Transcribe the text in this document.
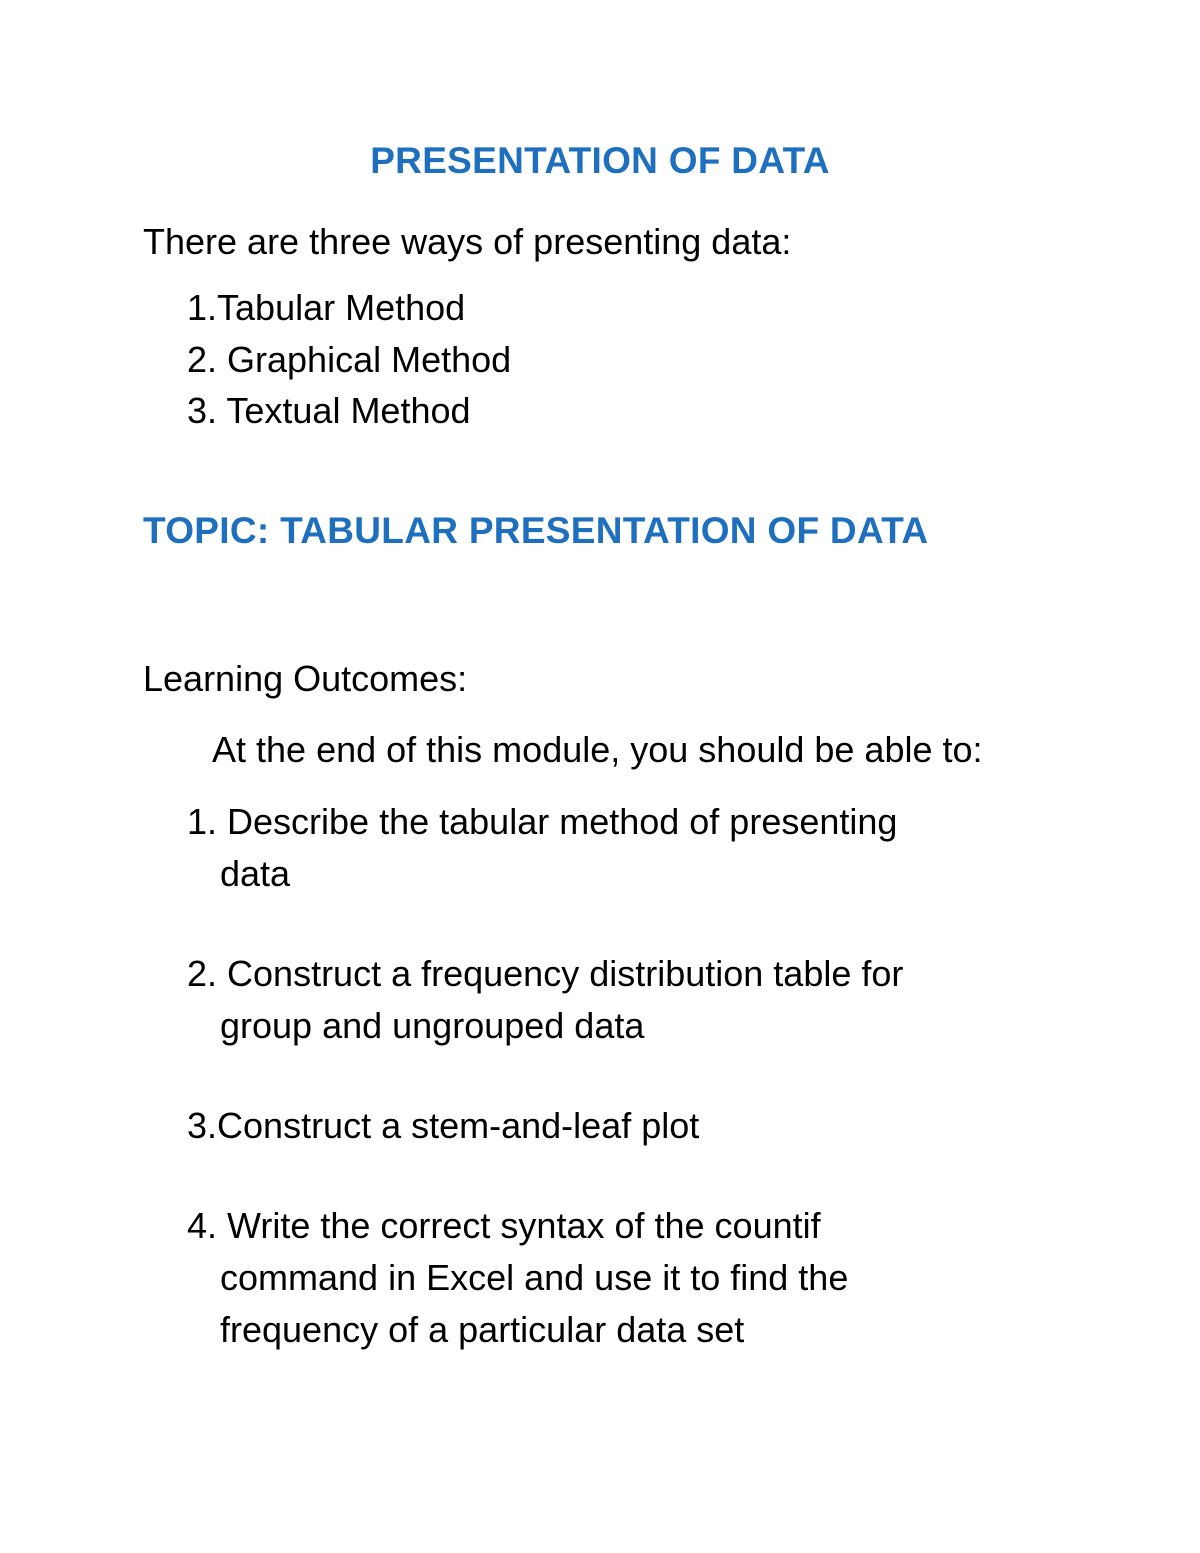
PRESENTATION OF DATA
There are three ways of presenting data:
1.Tabular Method
2. Graphical Method
3. Textual Method
TOPIC: TABULAR PRESENTATION OF DATA
Learning Outcomes:
At the end of this module, you should be able to:
1. Describe the tabular method of presenting
data
2. Construct a frequency distribution table for
group and ungrouped data
3.Construct a stem-and-leaf plot
4. Write the correct syntax of the countif
command in Excel and use it to find the
frequency of a particular data set
